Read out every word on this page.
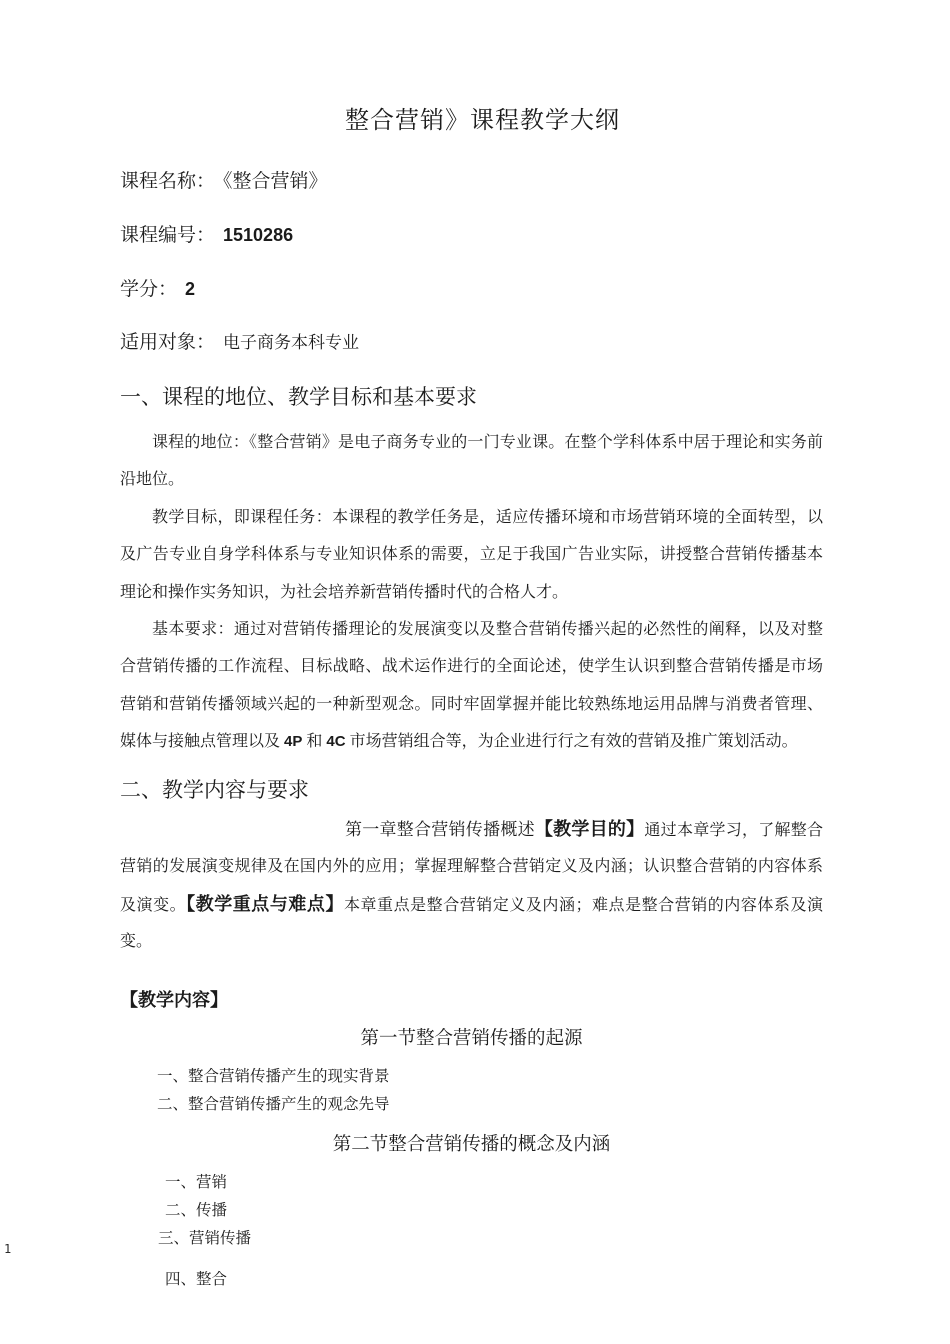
整合营销》课程教学大纲
课程名称： 《整合营销》
课程编号： 1510286
学分： 2
适用对象： 电子商务本科专业
一、课程的地位、教学目标和基本要求

课程的地位：《整合营销》是电子商务专业的一门专业课。在整个学科体系中居于理论和实务前沿地位。

教学目标，即课程任务：本课程的教学任务是，适应传播环境和市场营销环境的全面转型，以及广告专业自身学科体系与专业知识体系的需要，立足于我国广告业实际，讲授整合营销传播基本理论和操作实务知识，为社会培养新营销传播时代的合格人才。

基本要求：通过对营销传播理论的发展演变以及整合营销传播兴起的必然性的阐释，以及对整合营销传播的工作流程、目标战略、战术运作进行的全面论述，使学生认识到整合营销传播是市场营销和营销传播领域兴起的一种新型观念。同时牢固掌握并能比较熟练地运用品牌与消费者管理、媒体与接触点管理以及 4P 和 4C 市场营销组合等，为企业进行行之有效的营销及推广策划活动。

二、教学内容与要求

第一章整合营销传播概述【教学目的】通过本章学习，了解整合营销的发展演变规律及在国内外的应用；掌握理解整合营销定义及内涵；认识整合营销的内容体系及演变。【教学重点与难点】本章重点是整合营销定义及内涵；难点是整合营销的内容体系及演变。

【教学内容】
第一节整合营销传播的起源
一、整合营销传播产生的现实背景
二、整合营销传播产生的观念先导
第二节整合营销传播的概念及内涵
一、营销
二、传播
三、营销传播
四、整合
1
